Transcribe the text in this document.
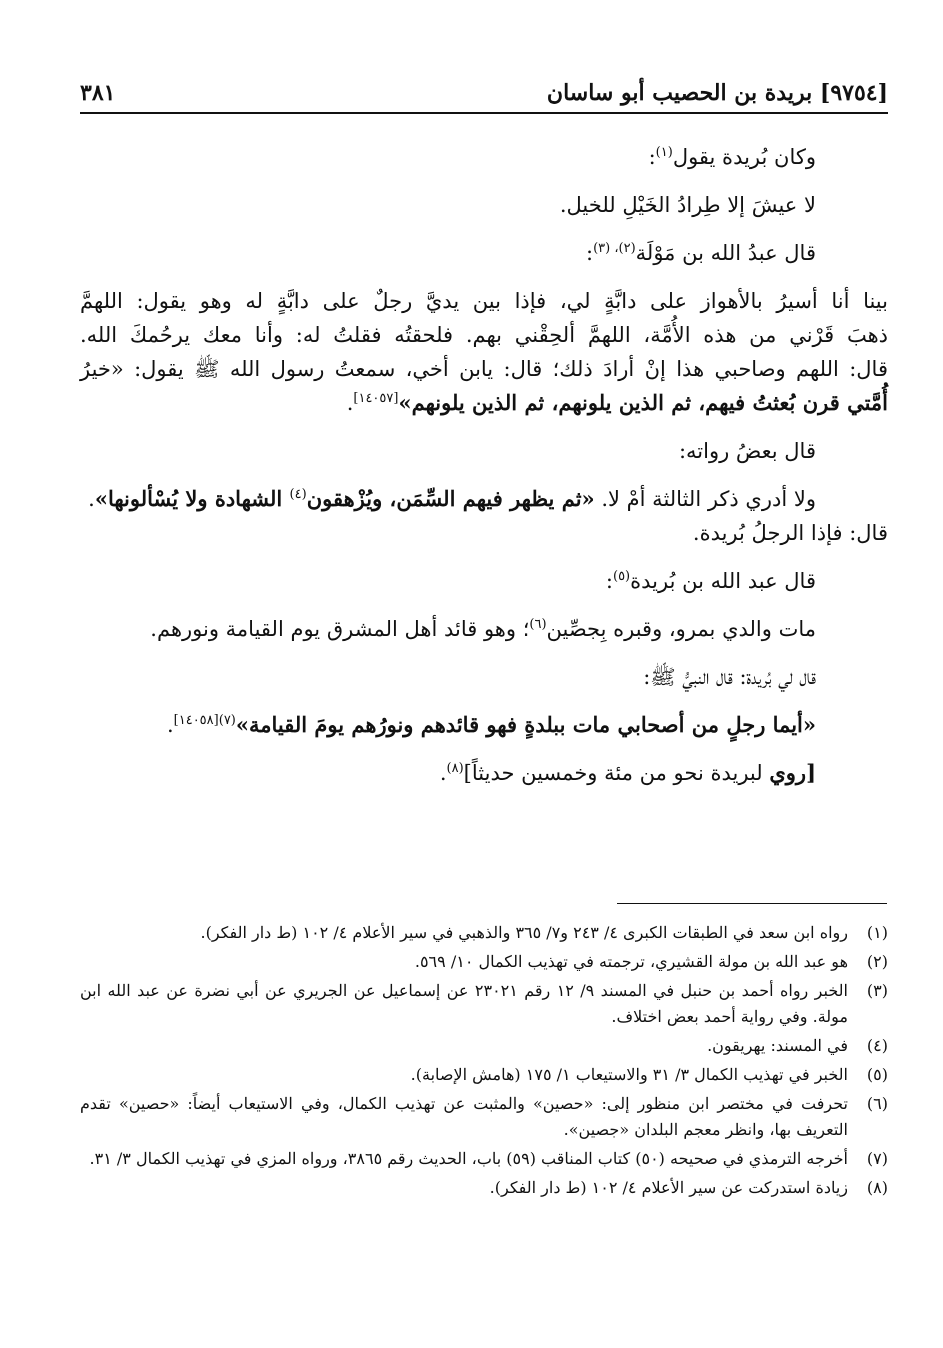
[٩٧٥٤] بريدة بن الحصيب أبو ساسان
٣٨١
وكان بُريدة يقول$^{(١)}$:
لا عيشَ إلا طِرادُ الخَيْلِ للخيل.
قال عبدُ الله بن مَوْلَة$^{(٢)، (٣)}$:
بينا أنا أسيرُ بالأهواز على دابَّةٍ لي، فإذا بين يديَّ رجلٌ على دابَّةٍ له وهو يقول: اللهمَّ
ذهبَ قَرْني من هذه الأُمَّة، اللهمَّ ألحِقْني بهم. فلحقتُه فقلتُ له: وأنا معك يرحُمكَ الله.
قال: اللهم وصاحبي هذا إنْ أرادَ ذلك؛ قال: يابن أخي، سمعتُ رسول الله ﷺ يقول: «خيرُ
أُمَّتي قرن بُعثتُ فيهم، ثم الذين يلونهم، ثم الذين يلونهم»[١٤٠٥٧].
قال بعضُ رواته:
ولا أدري ذكر الثالثة أمْ لا. «ثم يظهر فيهم السِّمَن، ويُزْهقون$^{(٤)}$ الشهادة ولا يُسْألونها».
قال: فإذا الرجلُ بُريدة.
قال عبد الله بن بُريدة$^{(٥)}$:
مات والدي بمرو، وقبره بِجصِّين$^{(٦)}$؛ وهو قائد أهل المشرق يوم القيامة ونورهم.
قال لي بُريدة: قال النبيُّ ﷺ:
«أيما رجلٍ من أصحابي مات ببلدةٍ فهو قائدهم ونورُهم يومَ القيامة»$^{(٧)[١٤٠٥٨]}$.
[روي لبريدة نحو من مئة وخمسين حديثاً]$^{(٨)}$.
(١)
رواه ابن سعد في الطبقات الكبرى ٤/ ٢٤٣ و٧/ ٣٦٥ والذهبي في سير الأعلام ٤/ ١٠٢ (ط دار الفكر).
(٢)
هو عبد الله بن مولة القشيري، ترجمته في تهذيب الكمال ١٠/ ٥٦٩.
(٣)
الخبر رواه أحمد بن حنبل في المسند ٩/ ١٢ رقم ٢٣٠٢١ عن إسماعيل عن الجريري عن أبي نضرة عن عبد الله ابن مولة. وفي رواية أحمد بعض اختلاف.
(٤)
في المسند: يهريقون.
(٥)
الخبر في تهذيب الكمال ٣/ ٣١ والاستيعاب ١/ ١٧٥ (هامش الإصابة).
(٦)
تحرفت في مختصر ابن منظور إلى: «حصين» والمثبت عن تهذيب الكمال، وفي الاستيعاب أيضاً: «حصين» تقدم التعريف بها، وانظر معجم البلدان «جصين».
(٧)
أخرجه الترمذي في صحيحه (٥٠) كتاب المناقب (٥٩) باب، الحديث رقم ٣٨٦٥، ورواه المزي في تهذيب الكمال ٣/ ٣١.
(٨)
زيادة استدركت عن سير الأعلام ٤/ ١٠٢ (ط دار الفكر).
